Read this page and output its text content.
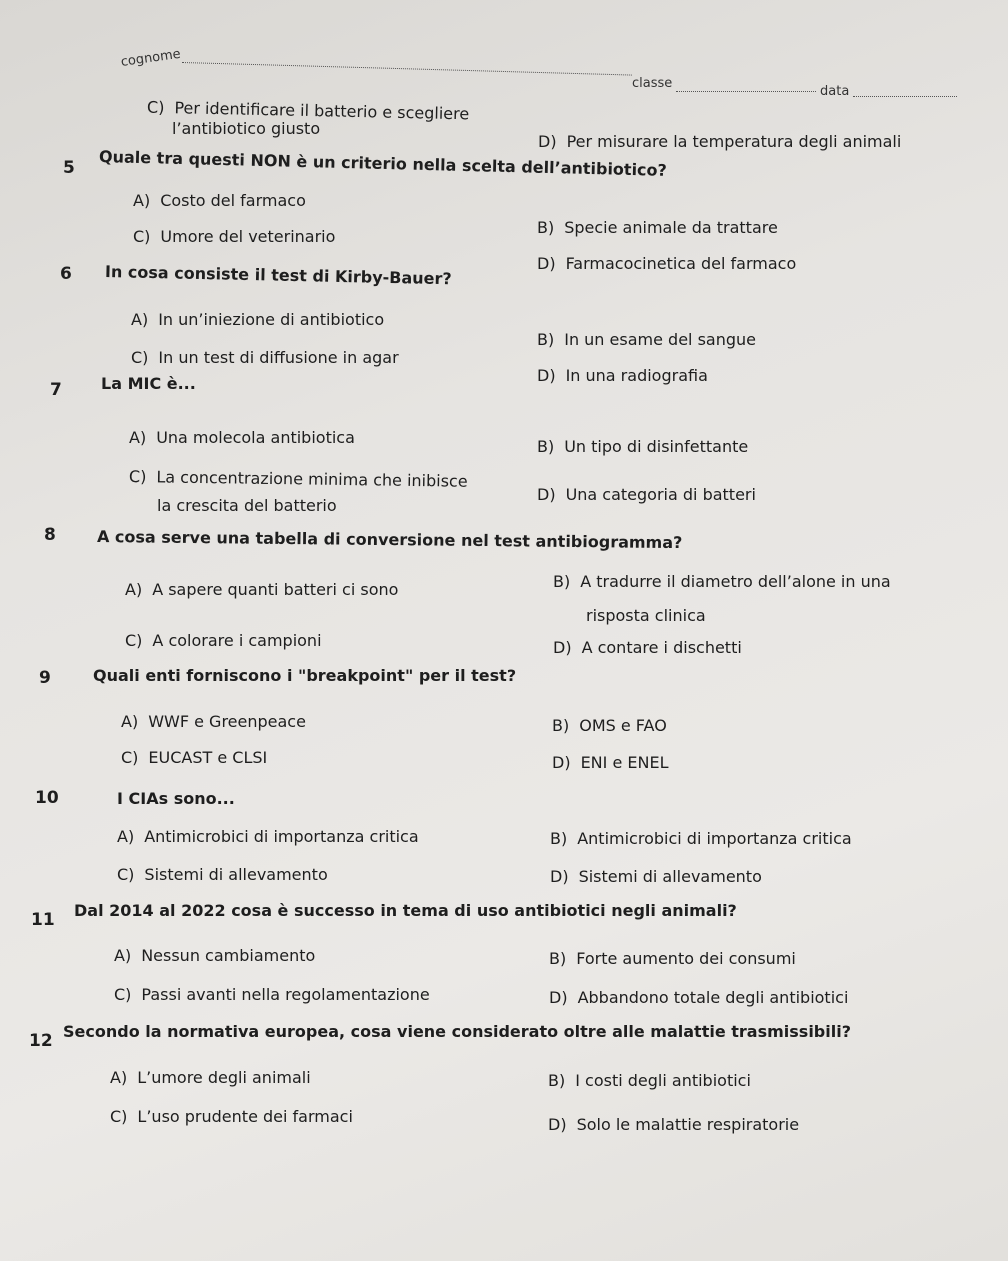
cognome
classe
data
C) Per identificare il batterio e scegliere
l’antibiotico giusto
D) Per misurare la temperatura degli animali
5 Quale tra questi NON è un criterio nella scelta dell’antibiotico?
A) Costo del farmaco
B) Specie animale da trattare
C) Umore del veterinario
D) Farmacocinetica del farmaco
6 In cosa consiste il test di Kirby-Bauer?
A) In un’iniezione di antibiotico
B) In un esame del sangue
C) In un test di diffusione in agar
D) In una radiografia
7 La MIC è...
A) Una molecola antibiotica	B) Un tipo di disinfettante
C) La concentrazione minima che inibisce
la crescita del batterio
D) Una categoria di batteri
8	A cosa serve una tabella di conversione nel test antibiogramma?
A) A sapere quanti batteri ci sono	B) A tradurre il diametro dell’alone in una
risposta clinica
C) A colorare i campioni	D) A contare i dischetti
9	Quali enti forniscono i "breakpoint" per il test?
A) WWF e Greenpeace	B) OMS e FAO
C) EUCAST e CLSI	D) ENI e ENEL
10	I CIAs sono...
A) Antimicrobici di importanza critica	B) Antimicrobici di importanza critica
C) Sistemi di allevamento	D) Sistemi di allevamento
11 Dal 2014 al 2022 cosa è successo in tema di uso antibiotici negli animali?
A) Nessun cambiamento	B) Forte aumento dei consumi
C) Passi avanti nella regolamentazione	D) Abbandono totale degli antibiotici
12 Secondo la normativa europea, cosa viene considerato oltre alle malattie trasmissibili?
A) L’umore degli animali	B) I costi degli antibiotici
C) L’uso prudente dei farmaci	D) Solo le malattie respiratorie
